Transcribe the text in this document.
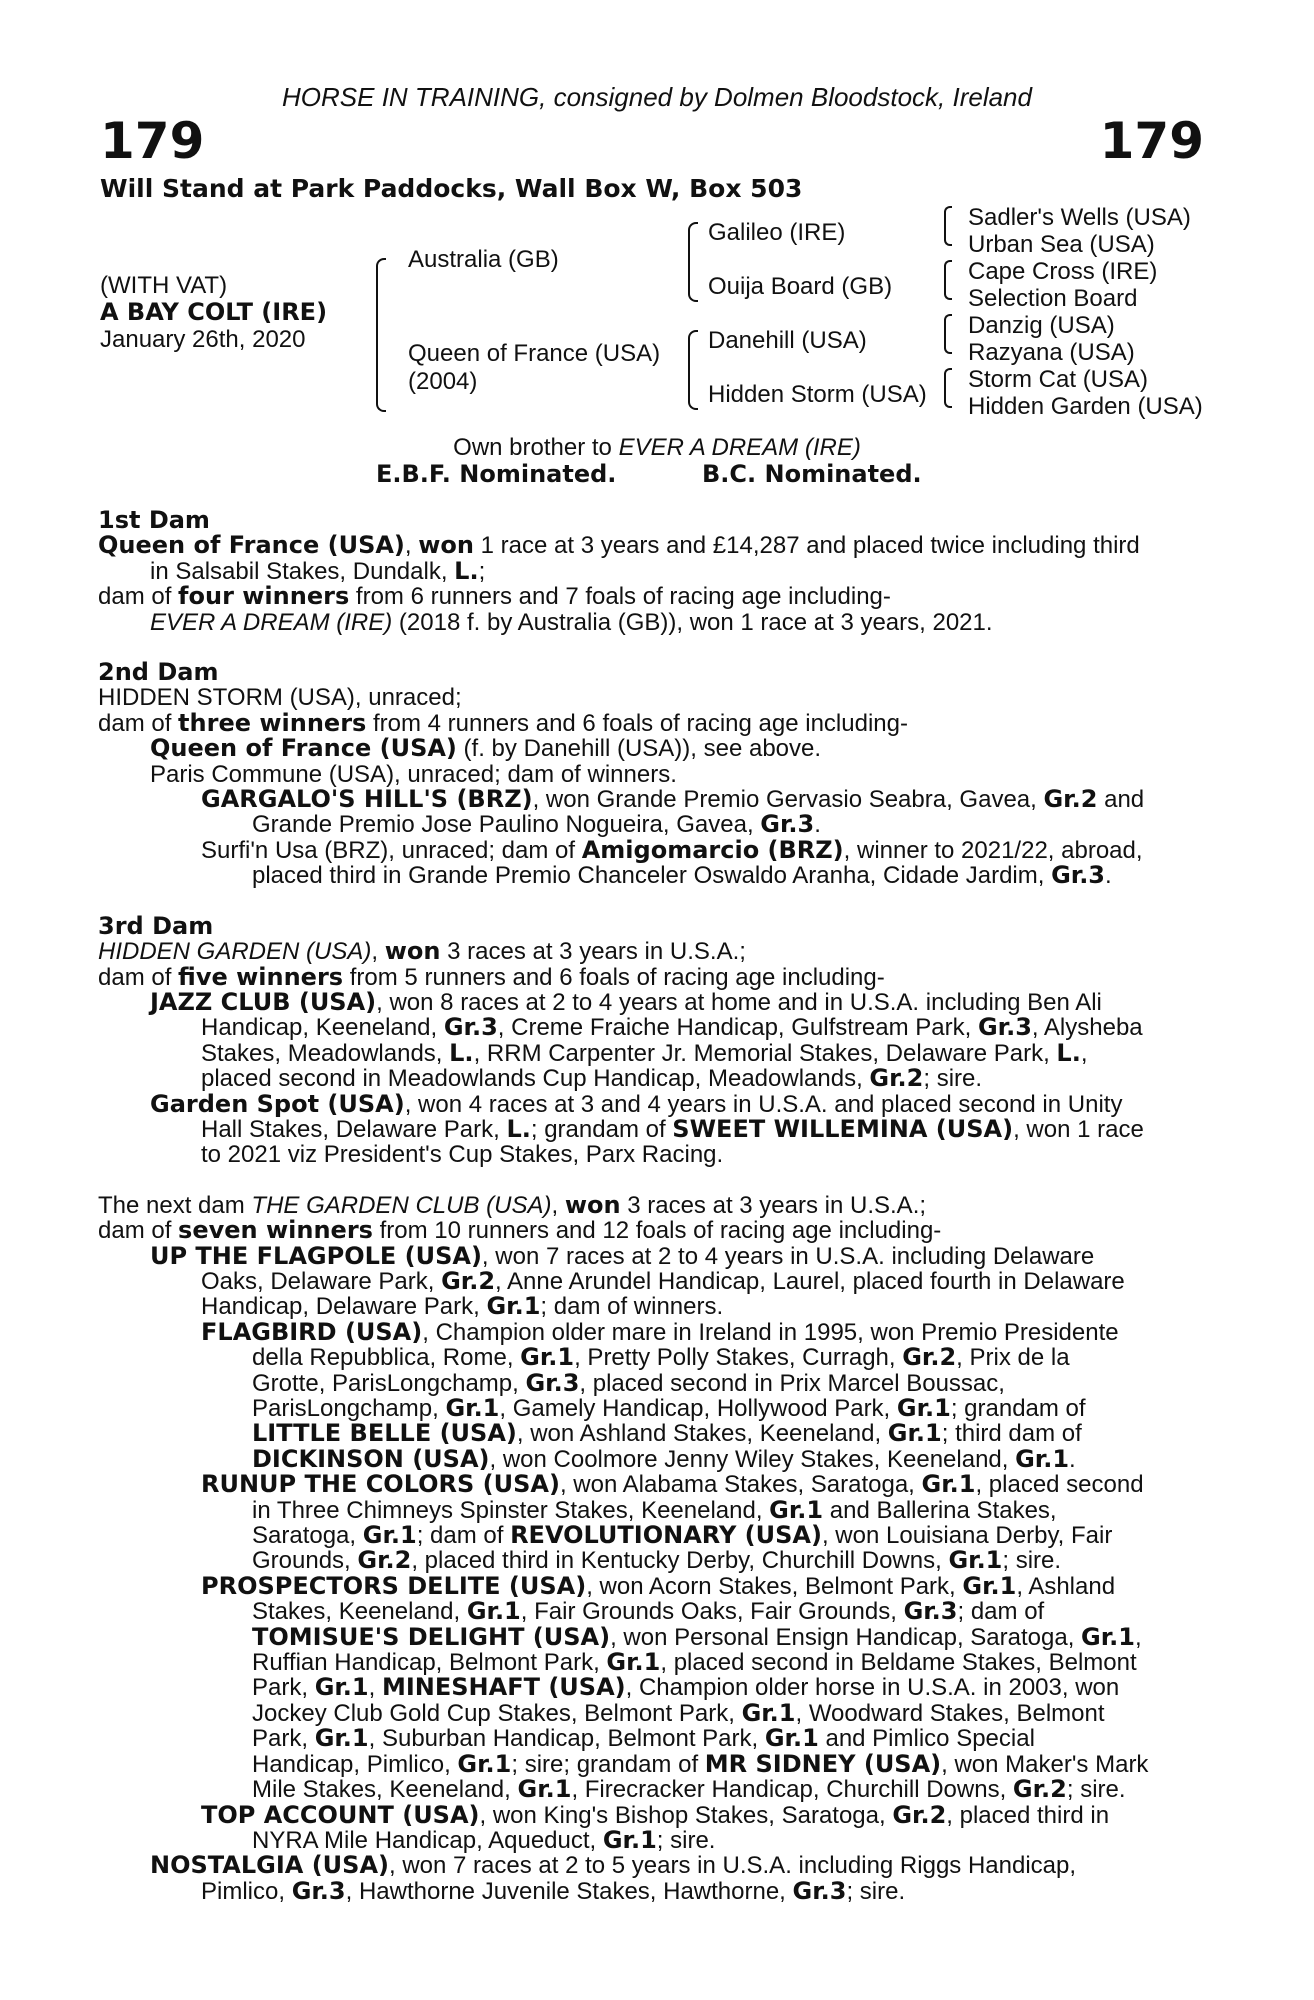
HORSE IN TRAINING, consigned by Dolmen Bloodstock, Ireland
179	179
Will Stand at Park Paddocks, Wall Box W, Box 503
(WITH VAT)
A BAY COLT (IRE)
January 26th, 2020
Australia (GB)
Queen of France (USA)
(2004)
Galileo (IRE)
Ouija Board (GB)
Danehill (USA)
Hidden Storm (USA)
Sadler's Wells (USA)
Urban Sea (USA)
Cape Cross (IRE)
Selection Board
Danzig (USA)
Razyana (USA)
Storm Cat (USA)
Hidden Garden (USA)
Own brother to EVER A DREAM (IRE)
E.B.F. Nominated.	B.C. Nominated.
1st Dam
Queen of France (USA), won 1 race at 3 years and £14,287 and placed twice including third
in Salsabil Stakes, Dundalk, L.;
dam of four winners from 6 runners and 7 foals of racing age including-
EVER A DREAM (IRE) (2018 f. by Australia (GB)), won 1 race at 3 years, 2021.
2nd Dam
HIDDEN STORM (USA), unraced;
dam of three winners from 4 runners and 6 foals of racing age including-
Queen of France (USA) (f. by Danehill (USA)), see above.
Paris Commune (USA), unraced; dam of winners.
GARGALO'S HILL'S (BRZ), won Grande Premio Gervasio Seabra, Gavea, Gr.2 and
Grande Premio Jose Paulino Nogueira, Gavea, Gr.3.
Surfi'n Usa (BRZ), unraced; dam of Amigomarcio (BRZ), winner to 2021/22, abroad,
placed third in Grande Premio Chanceler Oswaldo Aranha, Cidade Jardim, Gr.3.
3rd Dam
HIDDEN GARDEN (USA), won 3 races at 3 years in U.S.A.;
dam of five winners from 5 runners and 6 foals of racing age including-
JAZZ CLUB (USA), won 8 races at 2 to 4 years at home and in U.S.A. including Ben Ali
Handicap, Keeneland, Gr.3, Creme Fraiche Handicap, Gulfstream Park, Gr.3, Alysheba
Stakes, Meadowlands, L., RRM Carpenter Jr. Memorial Stakes, Delaware Park, L.,
placed second in Meadowlands Cup Handicap, Meadowlands, Gr.2; sire.
Garden Spot (USA), won 4 races at 3 and 4 years in U.S.A. and placed second in Unity
Hall Stakes, Delaware Park, L.; grandam of SWEET WILLEMINA (USA), won 1 race
to 2021 viz President's Cup Stakes, Parx Racing.
The next dam THE GARDEN CLUB (USA), won 3 races at 3 years in U.S.A.;
dam of seven winners from 10 runners and 12 foals of racing age including-
UP THE FLAGPOLE (USA), won 7 races at 2 to 4 years in U.S.A. including Delaware
Oaks, Delaware Park, Gr.2, Anne Arundel Handicap, Laurel, placed fourth in Delaware
Handicap, Delaware Park, Gr.1; dam of winners.
FLAGBIRD (USA), Champion older mare in Ireland in 1995, won Premio Presidente
della Repubblica, Rome, Gr.1, Pretty Polly Stakes, Curragh, Gr.2, Prix de la
Grotte, ParisLongchamp, Gr.3, placed second in Prix Marcel Boussac,
ParisLongchamp, Gr.1, Gamely Handicap, Hollywood Park, Gr.1; grandam of
LITTLE BELLE (USA), won Ashland Stakes, Keeneland, Gr.1; third dam of
DICKINSON (USA), won Coolmore Jenny Wiley Stakes, Keeneland, Gr.1.
RUNUP THE COLORS (USA), won Alabama Stakes, Saratoga, Gr.1, placed second
in Three Chimneys Spinster Stakes, Keeneland, Gr.1 and Ballerina Stakes,
Saratoga, Gr.1; dam of REVOLUTIONARY (USA), won Louisiana Derby, Fair
Grounds, Gr.2, placed third in Kentucky Derby, Churchill Downs, Gr.1; sire.
PROSPECTORS DELITE (USA), won Acorn Stakes, Belmont Park, Gr.1, Ashland
Stakes, Keeneland, Gr.1, Fair Grounds Oaks, Fair Grounds, Gr.3; dam of
TOMISUE'S DELIGHT (USA), won Personal Ensign Handicap, Saratoga, Gr.1,
Ruffian Handicap, Belmont Park, Gr.1, placed second in Beldame Stakes, Belmont
Park, Gr.1, MINESHAFT (USA), Champion older horse in U.S.A. in 2003, won
Jockey Club Gold Cup Stakes, Belmont Park, Gr.1, Woodward Stakes, Belmont
Park, Gr.1, Suburban Handicap, Belmont Park, Gr.1 and Pimlico Special
Handicap, Pimlico, Gr.1; sire; grandam of MR SIDNEY (USA), won Maker's Mark
Mile Stakes, Keeneland, Gr.1, Firecracker Handicap, Churchill Downs, Gr.2; sire.
TOP ACCOUNT (USA), won King's Bishop Stakes, Saratoga, Gr.2, placed third in
NYRA Mile Handicap, Aqueduct, Gr.1; sire.
NOSTALGIA (USA), won 7 races at 2 to 5 years in U.S.A. including Riggs Handicap,
Pimlico, Gr.3, Hawthorne Juvenile Stakes, Hawthorne, Gr.3; sire.
